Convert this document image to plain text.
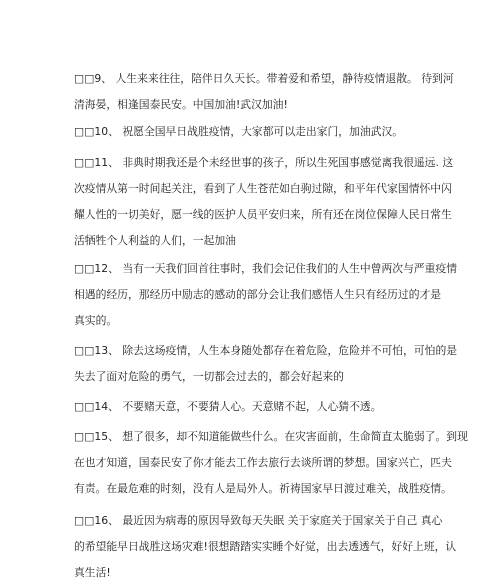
□□9、 人生来来往往，陪伴日久天长。带着爱和希望，静待疫情退散。 待到河
清海晏，相逢国泰民安。中国加油!武汉加油!

□□10、 祝愿全国早日战胜疫情，大家都可以走出家门，加油武汉。

□□11、 非典时期我还是个未经世事的孩子，所以生死国事感觉离我很遥远. 这
次疫情从第一时间起关注，看到了人生苍茫如白驹过隙，和平年代家国情怀中闪
耀人性的一切美好，愿一线的医护人员平安归来，所有还在岗位保障人民日常生
活牺牲个人利益的人们，一起加油

□□12、 当有一天我们回首往事时，我们会记住我们的人生中曾两次与严重疫情
相遇的经历，那经历中励志的感动的部分会让我们感悟人生只有经历过的才是
真实的。

□□13、 除去这场疫情，人生本身随处都存在着危险，危险并不可怕，可怕的是
失去了面对危险的勇气，一切都会过去的，都会好起来的

□□14、 不要赌天意，不要猜人心。天意赌不起，人心猜不透。

□□15、 想了很多，却不知道能做些什么。在灾害面前，生命简直太脆弱了。到现
在也才知道，国泰民安了你才能去工作去旅行去谈所谓的梦想。国家兴亡，匹夫
有责。在最危难的时刻，没有人是局外人。祈祷国家早日渡过难关，战胜疫情。

□□16、 最近因为病毒的原因导致每天失眠 关于家庭关于国家关于自己 真心
的希望能早日战胜这场灾难!很想踏踏实实睡个好觉，出去透透气，好好上班，认
真生活!
